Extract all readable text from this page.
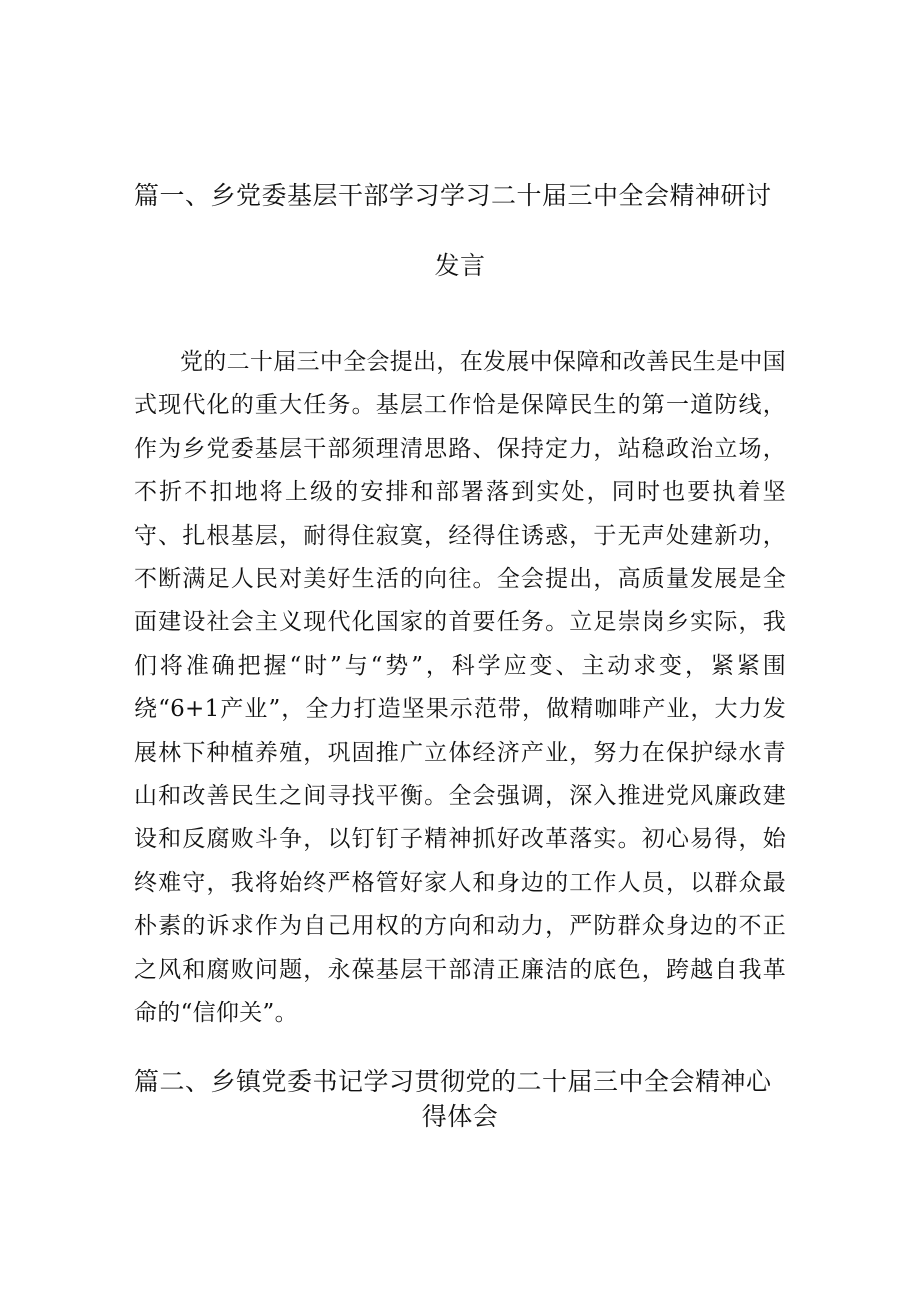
篇一、乡党委基层干部学习学习二十届三中全会精神研讨
发言

党的二十届三中全会提出，在发展中保障和改善民生是中国式现代化的重大任务。基层工作恰是保障民生的第一道防线，作为乡党委基层干部须理清思路、保持定力，站稳政治立场，不折不扣地将上级的安排和部署落到实处，同时也要执着坚守、扎根基层，耐得住寂寞，经得住诱惑，于无声处建新功，不断满足人民对美好生活的向往。全会提出，高质量发展是全面建设社会主义现代化国家的首要任务。立足崇岗乡实际，我们将准确把握“时”与“势”，科学应变、主动求变，紧紧围绕“6+1产业”，全力打造坚果示范带，做精咖啡产业，大力发展林下种植养殖，巩固推广立体经济产业，努力在保护绿水青山和改善民生之间寻找平衡。全会强调，深入推进党风廉政建设和反腐败斗争，以钉钉子精神抓好改革落实。初心易得，始终难守，我将始终严格管好家人和身边的工作人员，以群众最朴素的诉求作为自己用权的方向和动力，严防群众身边的不正之风和腐败问题，永葆基层干部清正廉洁的底色，跨越自我革命的“信仰关”。

篇二、乡镇党委书记学习贯彻党的二十届三中全会精神心
得体会
